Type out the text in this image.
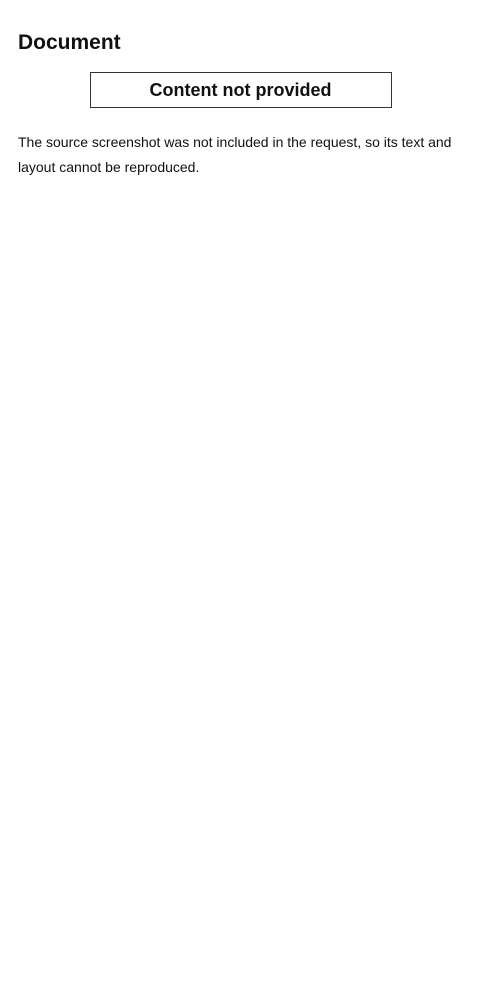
Document
Content not provided
The source screenshot was not included in the request, so its text and layout cannot be reproduced.
